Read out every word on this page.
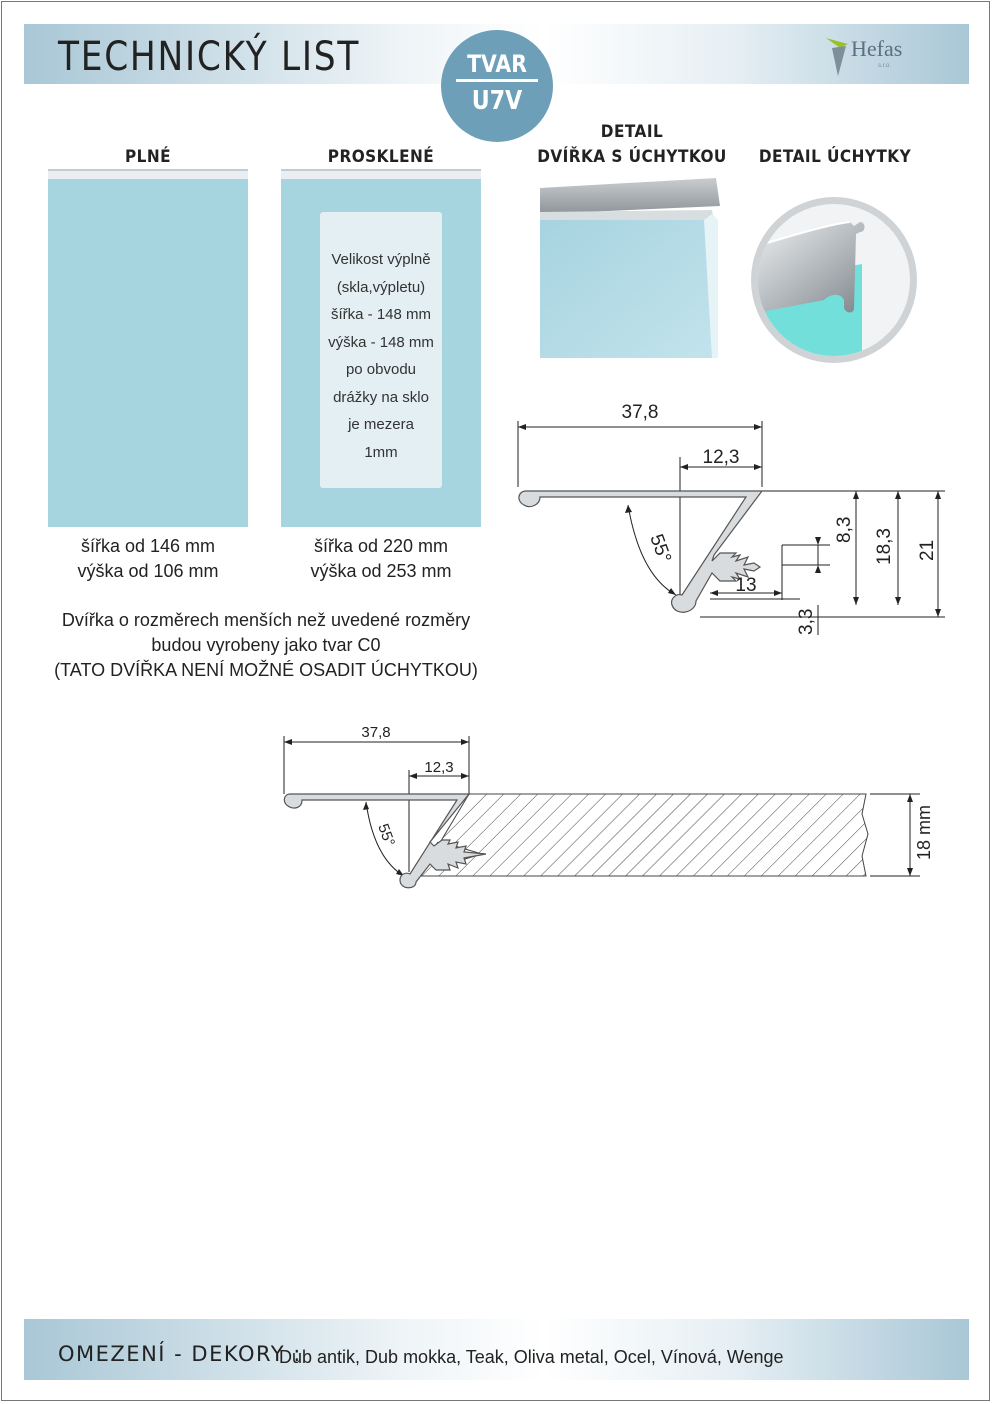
TECHNICKÝ LIST	TVAR
U7V
Hefas
s.r.o.
PLNÉ	PROSKLENÉ
DETAIL
DVÍŘKA S ÚCHYTKOU DETAIL ÚCHYTKY
Velikost výplně
(skla,výpletu)
šířka - 148 mm
výška - 148 mm
po obvodu
drážky na sklo
je mezera
1mm
šířka od 146 mm
výška od 106 mm
šířka od 220 mm
výška od 253 mm
37,8
12,3
13
55°
8,3 18,3 21
3,3
Dvířka o rozměrech menších než uvedené rozměry
budou vyrobeny jako tvar C0
(TATO DVÍŘKA NENÍ MOŽNÉ OSADIT ÚCHYTKOU)
37,8
12,3
55°	18 mm
OMEZENÍ - DEKORY :
Dub antik, Dub mokka, Teak, Oliva metal, Ocel, Vínová, Wenge
